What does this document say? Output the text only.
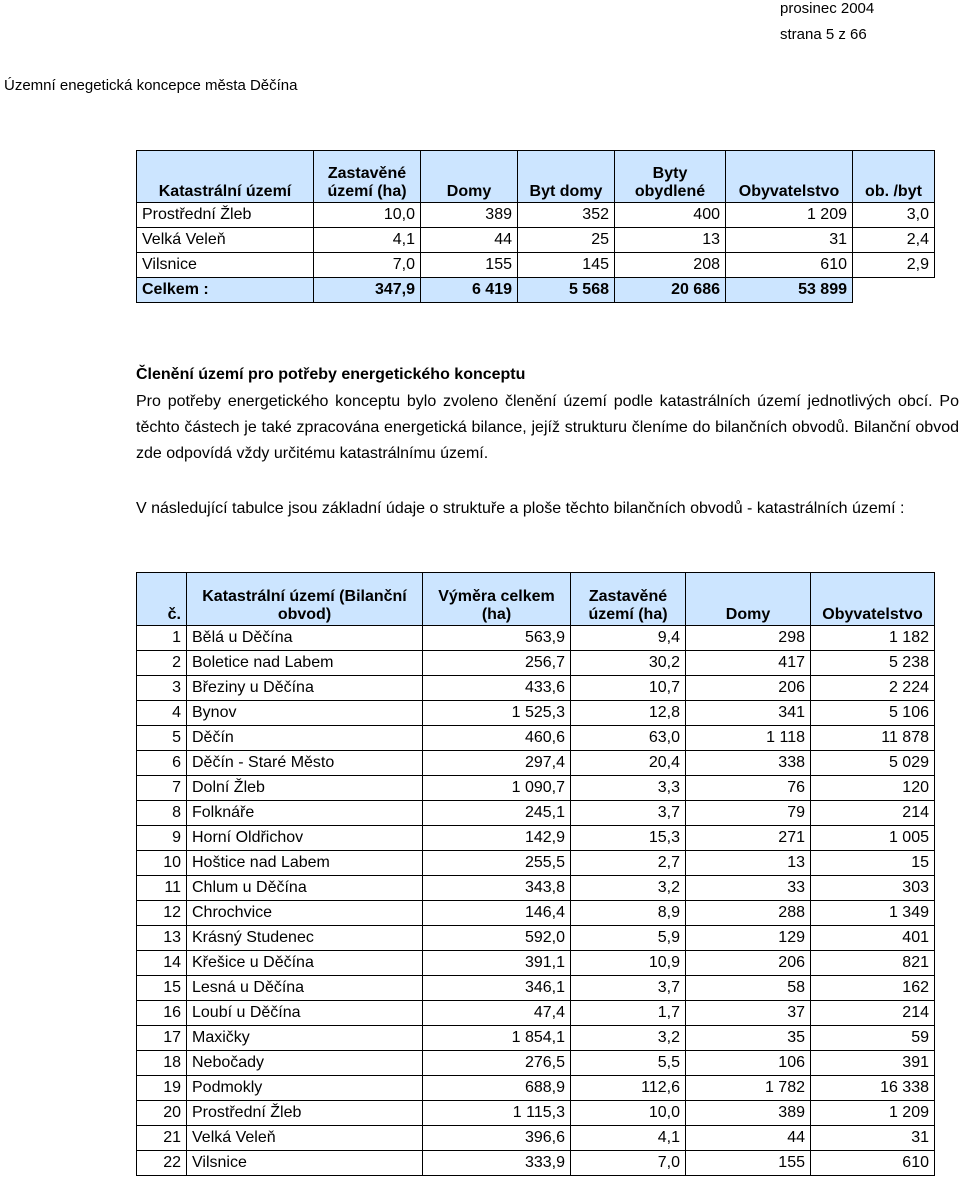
prosinec 2004
strana 5 z 66
Územní enegetická koncepce města Děčína
Katastrální území	Zastavěné území (ha)	Domy	Byt domy	Byty obydlené	Obyvatelstvo	ob. /byt
Prostřední Žleb	10,0	389	352	400	1 209	3,0
Velká Veleň	4,1	44	25	13	31	2,4
Vilsnice	7,0	155	145	208	610	2,9
Celkem :	347,9	6 419	5 568	20 686	53 899	
Členění území pro potřeby energetického konceptu
Pro potřeby energetického konceptu bylo zvoleno členění území podle katastrálních území jednotlivých obcí. Po těchto částech je také zpracována energetická bilance, jejíž strukturu členíme do bilančních obvodů. Bilanční obvod zde odpovídá vždy určitému katastrálnímu území.
V následující tabulce jsou základní údaje o struktuře a ploše těchto bilančních obvodů - katastrálních území :
č.	Katastrální území (Bilanční obvod)	Výměra celkem (ha)	Zastavěné území (ha)	Domy	Obyvatelstvo
1	Bělá u Děčína	563,9	9,4	298	1 182
2	Boletice nad Labem	256,7	30,2	417	5 238
3	Březiny u Děčína	433,6	10,7	206	2 224
4	Bynov	1 525,3	12,8	341	5 106
5	Děčín	460,6	63,0	1 118	11 878
6	Děčín - Staré Město	297,4	20,4	338	5 029
7	Dolní Žleb	1 090,7	3,3	76	120
8	Folknáře	245,1	3,7	79	214
9	Horní Oldřichov	142,9	15,3	271	1 005
10	Hoštice nad Labem	255,5	2,7	13	15
11	Chlum u Děčína	343,8	3,2	33	303
12	Chrochvice	146,4	8,9	288	1 349
13	Krásný Studenec	592,0	5,9	129	401
14	Křešice u Děčína	391,1	10,9	206	821
15	Lesná u Děčína	346,1	3,7	58	162
16	Loubí u Děčína	47,4	1,7	37	214
17	Maxičky	1 854,1	3,2	35	59
18	Nebočady	276,5	5,5	106	391
19	Podmokly	688,9	112,6	1 782	16 338
20	Prostřední Žleb	1 115,3	10,0	389	1 209
21	Velká Veleň	396,6	4,1	44	31
22	Vilsnice	333,9	7,0	155	610
